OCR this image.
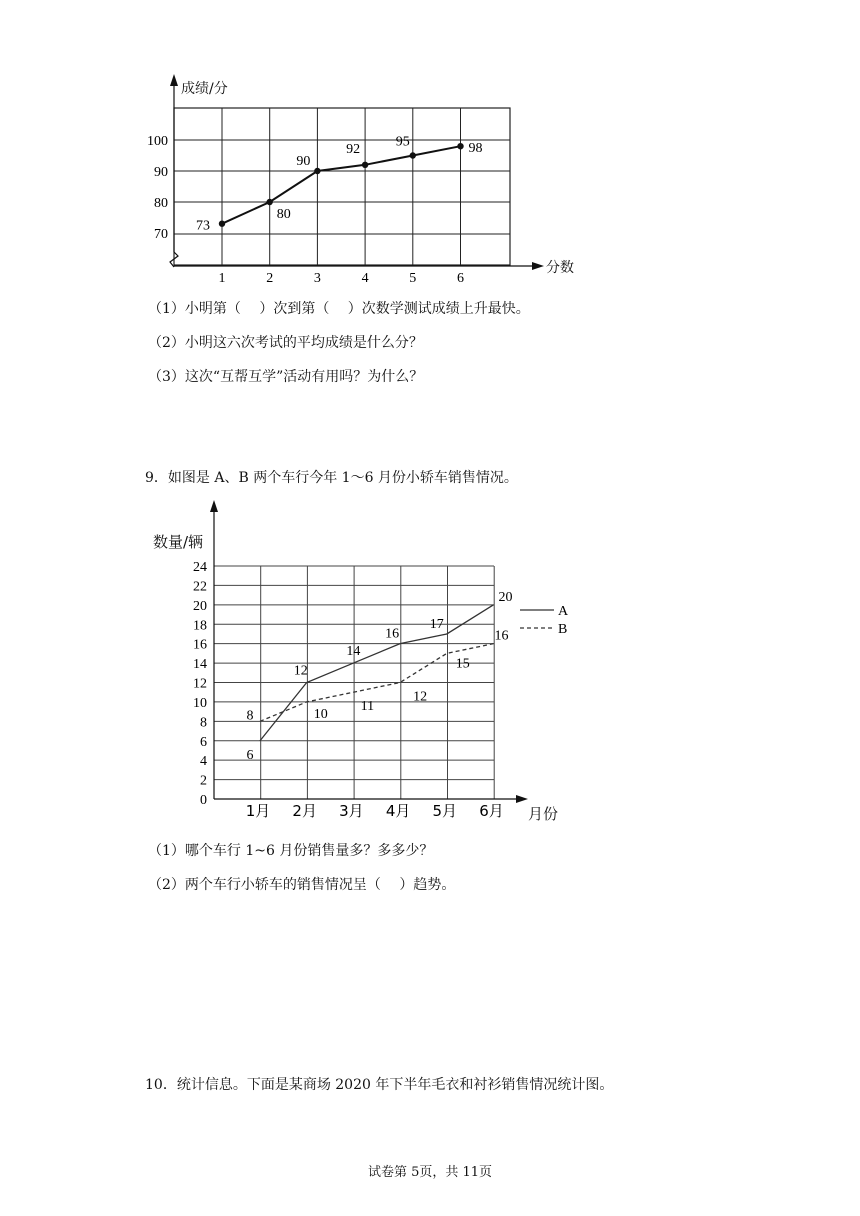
成绩/分
分数
70
80
90
100
1	2	3	4	5	6
73
80
90
92	95	98
（1）小明第（　 ）次到第（　 ）次数学测试成绩上升最快。
（2）小明这六次考试的平均成绩是什么分？
（3）这次“互帮互学”活动有用吗？为什么？
9．如图是 A、B 两个车行今年 1～6 月份小轿车销售情况。
数量/辆
月份
0
2
4
6
8
10
12
14
16
18
20
22
24
1月 2月 3月 4月 5月 6月
6
12
14
16
17
20
8	10
11
12
15
16
A
B
（1）哪个车行 1~6 月份销售量多？多多少？
（2）两个车行小轿车的销售情况呈（　 ）趋势。
10．统计信息。下面是某商场 2020 年下半年毛衣和衬衫销售情况统计图。
试卷第 5页，共 11页
